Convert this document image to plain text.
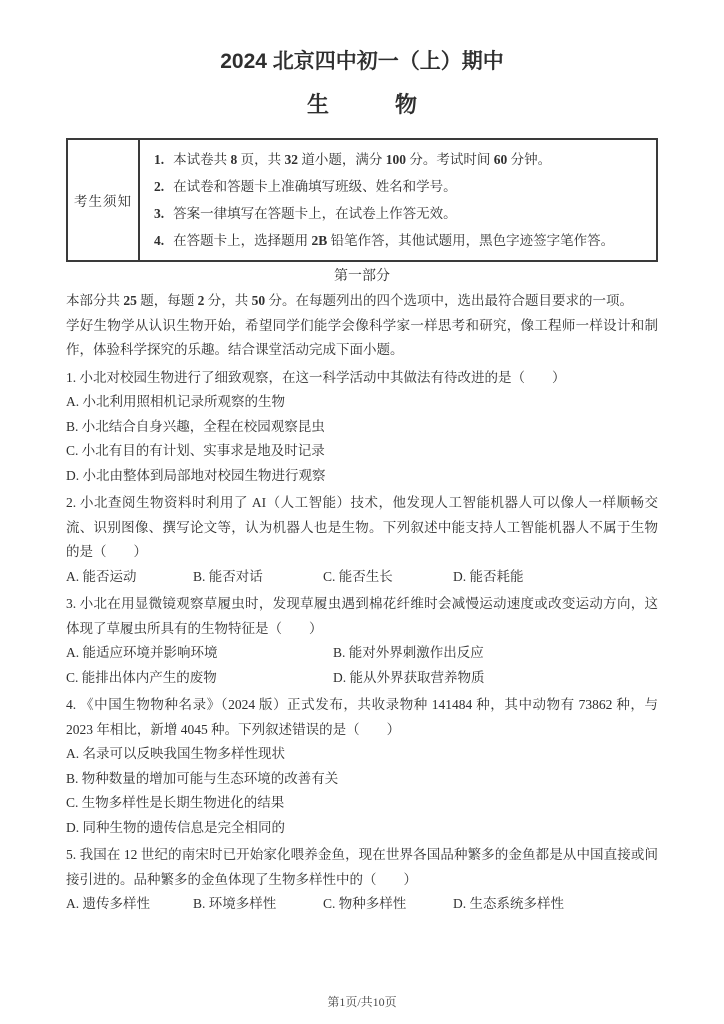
2024 北京四中初一（上）期中
生　　　物
考生须知

1. 本试卷共 8 页，共 32 道小题，满分 100 分。考试时间 60 分钟。

2. 在试卷和答题卡上准确填写班级、姓名和学号。

3. 答案一律填写在答题卡上，在试卷上作答无效。

4. 在答题卡上，选择题用 2B 铅笔作答，其他试题用，黑色字迹签字笔作答。

第一部分

本部分共 25 题，每题 2 分，共 50 分。在每题列出的四个选项中，选出最符合题目要求的一项。

学好生物学从认识生物开始，希望同学们能学会像科学家一样思考和研究，像工程师一样设计和制作，体验科学探究的乐趣。结合课堂活动完成下面小题。

1. 小北对校园生物进行了细致观察，在这一科学活动中其做法有待改进的是（　　）

A. 小北利用照相机记录所观察的生物

B. 小北结合自身兴趣，全程在校园观察昆虫

C. 小北有目的有计划、实事求是地及时记录

D. 小北由整体到局部地对校园生物进行观察

2. 小北查阅生物资料时利用了 AI（人工智能）技术，他发现人工智能机器人可以像人一样顺畅交流、识别图像、撰写论文等，认为机器人也是生物。下列叙述中能支持人工智能机器人不属于生物的是（　　）

A. 能否运动	B. 能否对话	C. 能否生长	D. 能否耗能

3. 小北在用显微镜观察草履虫时，发现草履虫遇到棉花纤维时会减慢运动速度或改变运动方向，这体现了草履虫所具有的生物特征是（　　）

A. 能适应环境并影响环境	B. 能对外界刺激作出反应
C. 能排出体内产生的废物	D. 能从外界获取营养物质

4. 《中国生物物种名录》（2024 版）正式发布，共收录物种 141484 种，其中动物有 73862 种，与 2023 年相比，新增 4045 种。下列叙述错误的是（　　）

A. 名录可以反映我国生物多样性现状

B. 物种数量的增加可能与生态环境的改善有关

C. 生物多样性是长期生物进化的结果

D. 同种生物的遗传信息是完全相同的

5. 我国在 12 世纪的南宋时已开始家化喂养金鱼，现在世界各国品种繁多的金鱼都是从中国直接或间接引进的。品种繁多的金鱼体现了生物多样性中的（　　）

A. 遗传多样性	B. 环境多样性	C. 物种多样性	D. 生态系统多样性
第1页/共10页
